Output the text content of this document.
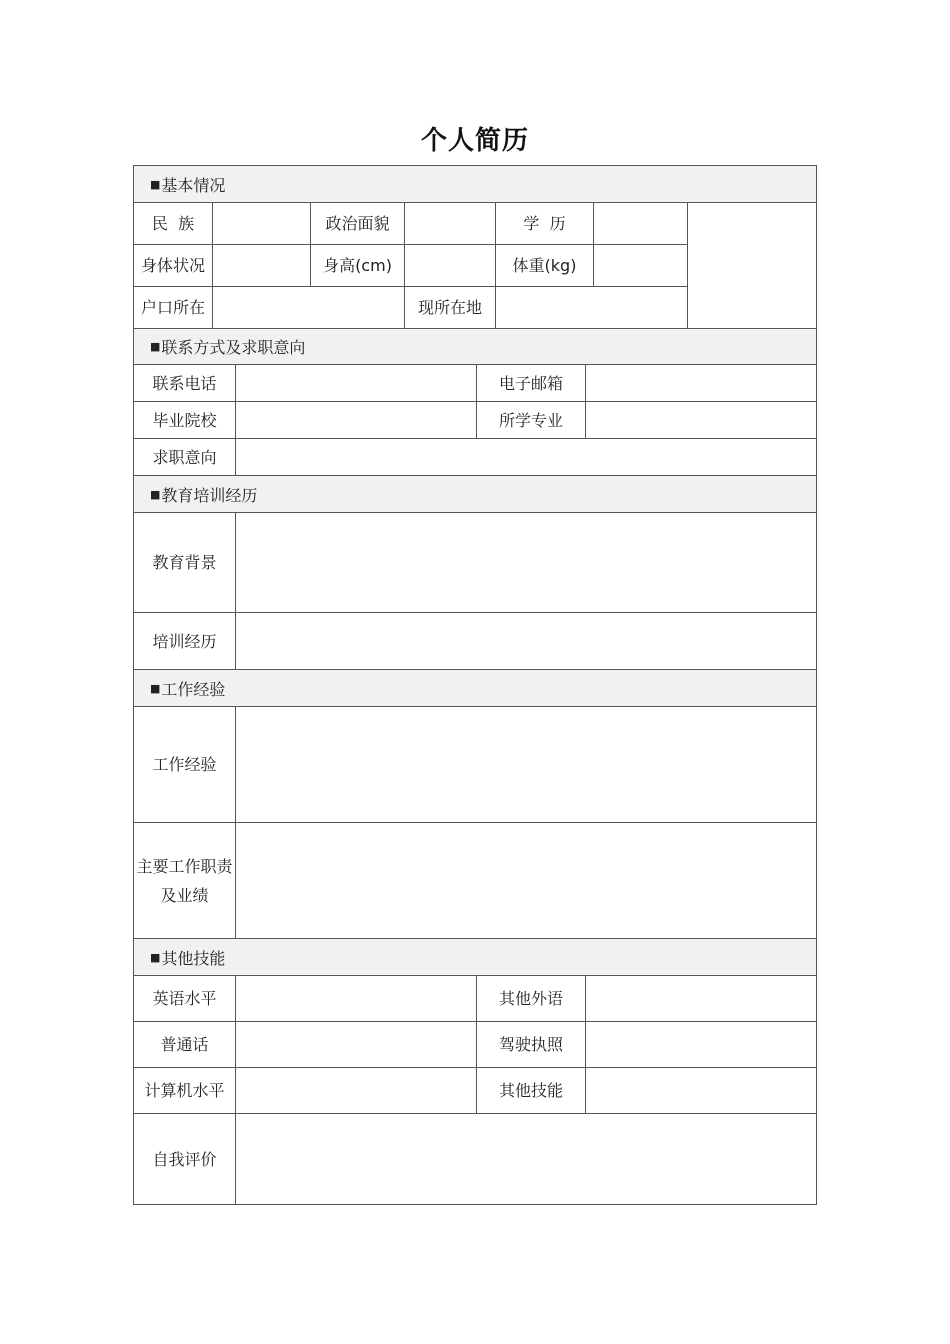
个人简历
■ 基本情况
民  族	政治面貌	学  历
身体状况	身高(cm)	体重(kg)
户口所在	现所在地
■ 联系方式及求职意向
联系电话	电子邮箱
毕业院校	所学专业
求职意向
■ 教育培训经历
教育背景
培训经历
■ 工作经验
工作经验
主要工作职责
及业绩
■ 其他技能
英语水平	其他外语
普通话	驾驶执照
计算机水平	其他技能
自我评价
